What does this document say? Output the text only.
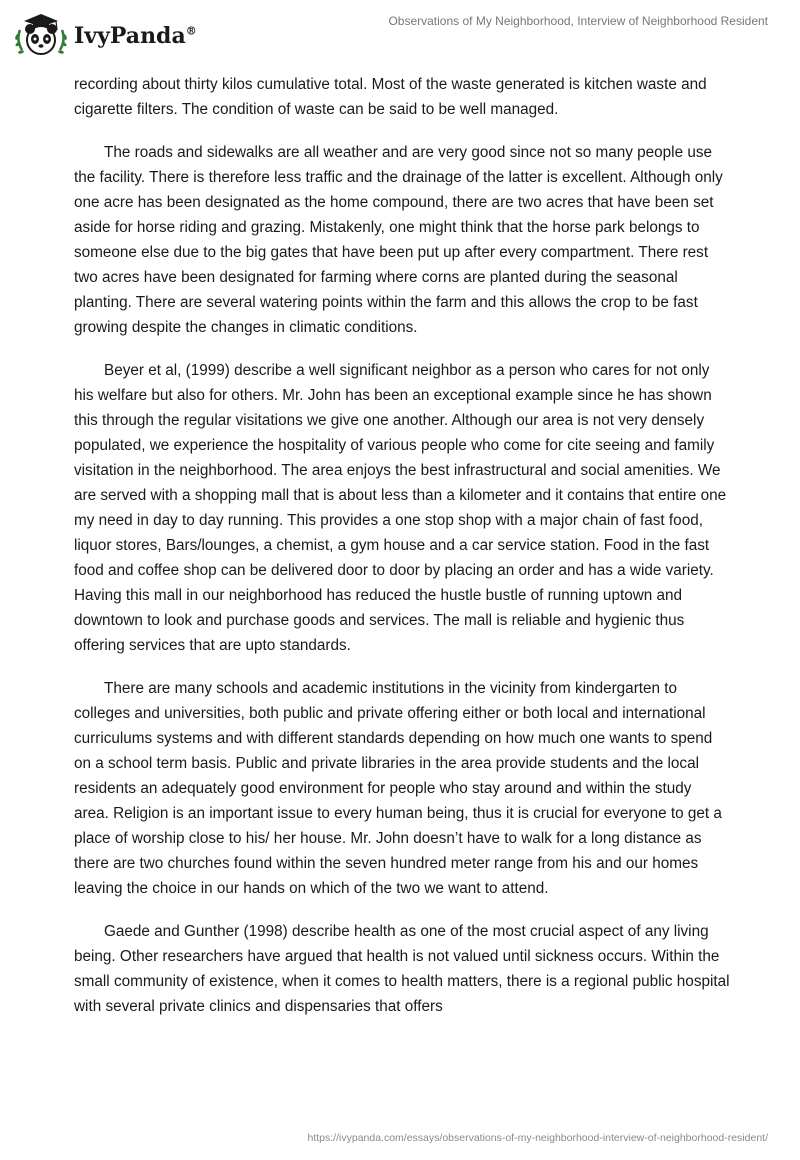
IvyPanda®
Observations of My Neighborhood, Interview of Neighborhood Resident

recording about thirty kilos cumulative total. Most of the waste generated is kitchen waste and cigarette filters. The condition of waste can be said to be well managed.

The roads and sidewalks are all weather and are very good since not so many people use the facility. There is therefore less traffic and the drainage of the latter is excellent. Although only one acre has been designated as the home compound, there are two acres that have been set aside for horse riding and grazing. Mistakenly, one might think that the horse park belongs to someone else due to the big gates that have been put up after every compartment. There rest two acres have been designated for farming where corns are planted during the seasonal planting. There are several watering points within the farm and this allows the crop to be fast growing despite the changes in climatic conditions.

Beyer et al, (1999) describe a well significant neighbor as a person who cares for not only his welfare but also for others. Mr. John has been an exceptional example since he has shown this through the regular visitations we give one another. Although our area is not very densely populated, we experience the hospitality of various people who come for cite seeing and family visitation in the neighborhood. The area enjoys the best infrastructural and social amenities. We are served with a shopping mall that is about less than a kilometer and it contains that entire one my need in day to day running. This provides a one stop shop with a major chain of fast food, liquor stores, Bars/lounges, a chemist, a gym house and a car service station. Food in the fast food and coffee shop can be delivered door to door by placing an order and has a wide variety. Having this mall in our neighborhood has reduced the hustle bustle of running uptown and downtown to look and purchase goods and services. The mall is reliable and hygienic thus offering services that are upto standards.

There are many schools and academic institutions in the vicinity from kindergarten to colleges and universities, both public and private offering either or both local and international curriculums systems and with different standards depending on how much one wants to spend on a school term basis. Public and private libraries in the area provide students and the local residents an adequately good environment for people who stay around and within the study area. Religion is an important issue to every human being, thus it is crucial for everyone to get a place of worship close to his/ her house. Mr. John doesn’t have to walk for a long distance as there are two churches found within the seven hundred meter range from his and our homes leaving the choice in our hands on which of the two we want to attend.

Gaede and Gunther (1998) describe health as one of the most crucial aspect of any living being. Other researchers have argued that health is not valued until sickness occurs. Within the small community of existence, when it comes to health matters, there is a regional public hospital with several private clinics and dispensaries that offers

https://ivypanda.com/essays/observations-of-my-neighborhood-interview-of-neighborhood-resident/
